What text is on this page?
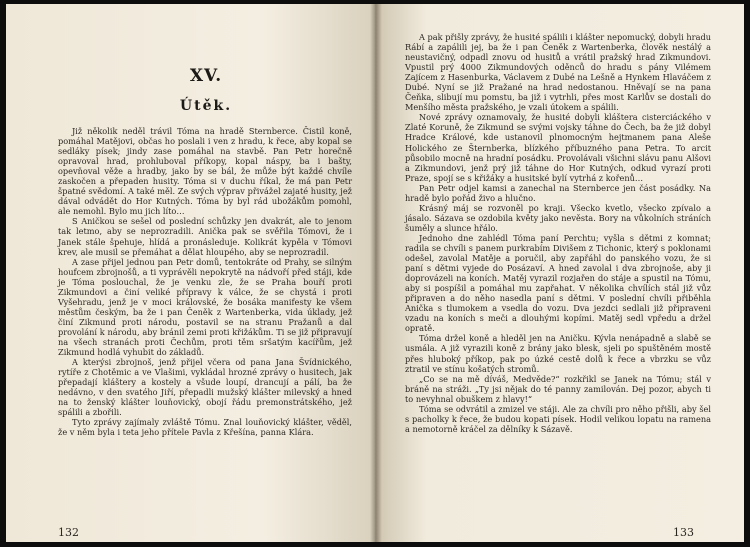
XV.
Útěk.

Již několik neděl trávil Tóma na hradě Sternberce. Čistil koně, pomáhal Matějovi, občas ho poslali i ven z hradu, k řece, aby kopal se sedláky písek; jindy zase pomáhal na stavbě. Pan Petr horečně opravoval hrad, prohluboval příkopy, kopal náspy, ba i bašty, opevňoval věže a hradby, jako by se bál, že může být každé chvíle zaskočen a přepaden husity. Tóma si v duchu říkal, že má pan Petr špatné svědomí. A také měl. Ze svých výprav přivážel zajaté husity, jež dával odvádět do Hor Kutných. Tóma by byl rád ubožákům pomohl, ale nemohl. Bylo mu jich líto…

S Aničkou se sešel od poslední schůzky jen dvakrát, ale to jenom tak letmo, aby se neprozradili. Anička pak se svěřila Tómovi, že i Janek stále špehuje, hlídá a pronásleduje. Kolikrát kypěla v Tómovi krev, ale musil se přemáhat a dělat hloupého, aby se neprozradil.

A zase přijel jednou pan Petr domů, tentokráte od Prahy, se silným houfcem zbrojnošů, a ti vyprávěli nepokrytě na nádvoří před stáji, kde je Tóma poslouchal, že je venku zle, že se Praha bouří proti Zikmundovi a činí veliké přípravy k válce, že se chystá i proti Vyšehradu, jenž je v moci královské, že bosáka manifesty ke všem městům českým, ba že i pan Čeněk z Wartenberka, vida úklady, jež činí Zikmund proti národu, postavil se na stranu Pražanů a dal provolání k národu, aby bránil zemi proti křižákům. Ti se již připravují na všech stranách proti Čechům, proti těm sršatým kacířům, jež Zikmund hodlá vyhubit do základů.

A kterýsi zbrojnoš, jenž přijel včera od pana Jana Švídnického, rytíře z Chotěmic a ve Vlašimi, vykládal hrozné zprávy o husitech, jak přepadají kláštery a kostely a všude loupí, drancují a pálí, ba že nedávno, v den svatého Jiří, přepadli mužský klášter milevský a hned na to ženský klášter louňovický, obojí řádu premonstrátského, jež spálili a zbořili.

Tyto zprávy zajímaly zvláště Tómu. Znal louňovický klášter, věděl, že v něm byla i teta jeho přítele Pavla z Křešína, panna Klára.

132

A pak přišly zprávy, že husité spálili i klášter nepomucký, dobyli hradu Rábí a zapálili jej, ba že i pan Čeněk z Wartenberka, člověk nestálý a neustavičný, odpadl znovu od husitů a vrátil pražský hrad Zikmundovi. Vpustil prý 4000 Zikmundových oděnců do hradu s pány Vilémem Zajícem z Hasenburka, Václavem z Dubé na Lešně a Hynkem Hlaváčem z Dubé. Nyní se již Pražané na hrad nedostanou. Hněvají se na pana Čeňka, slibují mu pomstu, ba již i vytrhli, přes most Karlův se dostali do Menšího města pražského, je vzali útokem a spálili.

Nové zprávy oznamovaly, že husité dobyli kláštera cisterciáckého v Zlaté Koruně, že Zikmund se svými vojsky táhne do Čech, ba že již dobyl Hradce Králové, kde ustanovil plnomocným hejtmanem pana Aleše Holického ze Šternberka, blízkého příbuzného pana Petra. To arcit působilo mocně na hradní posádku. Provolávali všichni slávu panu Alšovi a Zikmundovi, jenž prý již táhne do Hor Kutných, odkud vyrazí proti Praze, spojí se s křižáky a husitské bylí vytrhá z kořenů…

Pan Petr odjel kamsi a zanechal na Sternberce jen část posádky. Na hradě bylo pořád živo a hlučno.

Krásný máj se rozvoněl po kraji. Všecko kvetlo, všecko zpívalo a jásalo. Sázava se ozdobila květy jako nevěsta. Bory na vůkolních stráních šuměly a slunce hřálo.

Jednoho dne zahlédl Tóma paní Perchtu; vyšla s dětmi z komnat; radila se chvíli s panem purkrabím Divišem z Tichonic, který s poklonami odešel, zavolal Matěje a poručil, aby zapřáhl do panského vozu, že si paní s dětmi vyjede do Posázaví. A hned zavolal i dva zbrojnoše, aby ji doprovázeli na koních. Matěj vyrazil rozjařen do stáje a spustil na Tómu, aby si pospíšil a pomáhal mu zapřahat. V několika chvílích stál již vůz připraven a do něho nasedla paní s dětmi. V poslední chvíli přiběhla Anička s tlumokem a vsedla do vozu. Dva jezdci sedlali již připraveni vzadu na koních s meči a dlouhými kopími. Matěj sedl vpředu a držel opratě.

Tóma držel koně a hleděl jen na Aničku. Kývla nenápadně a slabě se usmála. A již vyrazili koně z brány jako blesk, sjeli po spuštěném mostě přes hluboký příkop, pak po úzké cestě dolů k řece a vbrzku se vůz ztratil ve stínu košatých stromů.

„Co se na mě díváš, Medvěde?“ rozkřikl se Janek na Tómu; stál v bráně na stráži. „Ty jsi nějak do té panny zamilován. Dej pozor, abych ti to nevyhnal obuškem z hlavy!“

Tóma se odvrátil a zmizel ve stáji. Ale za chvíli pro něho přišli, aby šel s pacholky k řece, že budou kopati písek. Hodil velikou lopatu na ramena a nemotorně kráčel za dělníky k Sázavě.

133
